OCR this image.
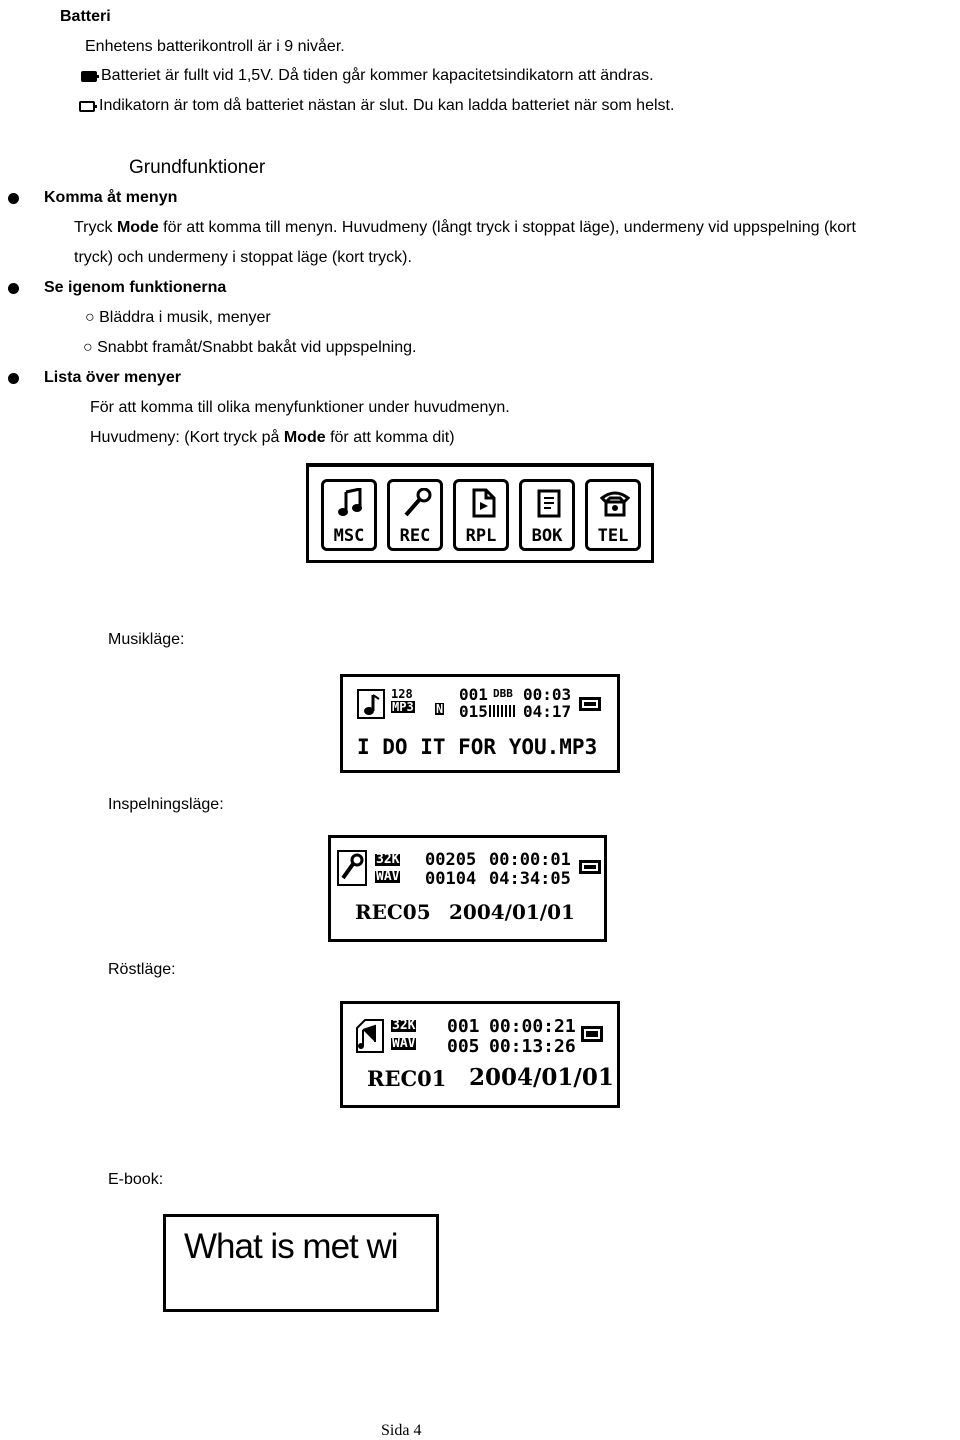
Batteri
Enhetens batterikontroll är i 9 nivåer.
Batteriet är fullt vid 1,5V. Då tiden går kommer kapacitetsindikatorn att ändras.
Indikatorn är tom då batteriet nästan är slut. Du kan ladda batteriet när som helst.
Grundfunktioner
Komma åt menyn
Tryck Mode för att komma till menyn. Huvudmeny (långt tryck i stoppat läge), undermeny vid uppspelning (kort
tryck) och undermeny i stoppat läge (kort tryck).
Se igenom funktionerna
○ Bläddra i musik, menyer
○ Snabbt framåt/Snabbt bakåt vid uppspelning.
Lista över menyer
För att komma till olika menyfunktioner under huvudmenyn.
Huvudmeny: (Kort tryck på Mode för att komma dit)
MSC	REC	RPL	BOK	TEL
Musikläge:
128
MP3 N
001 DBB
015
00:03
04:17
I DO IT FOR YOU.MP3
Inspelningsläge:
32K
WAV
00205
00104
00:00:01
04:34:05
REC05 2004/01/01
Röstläge:
32K
WAV
001
005
00:00:21
00:13:26
REC01 2004/01/01
E-book:
What is met wi
Sida 4
